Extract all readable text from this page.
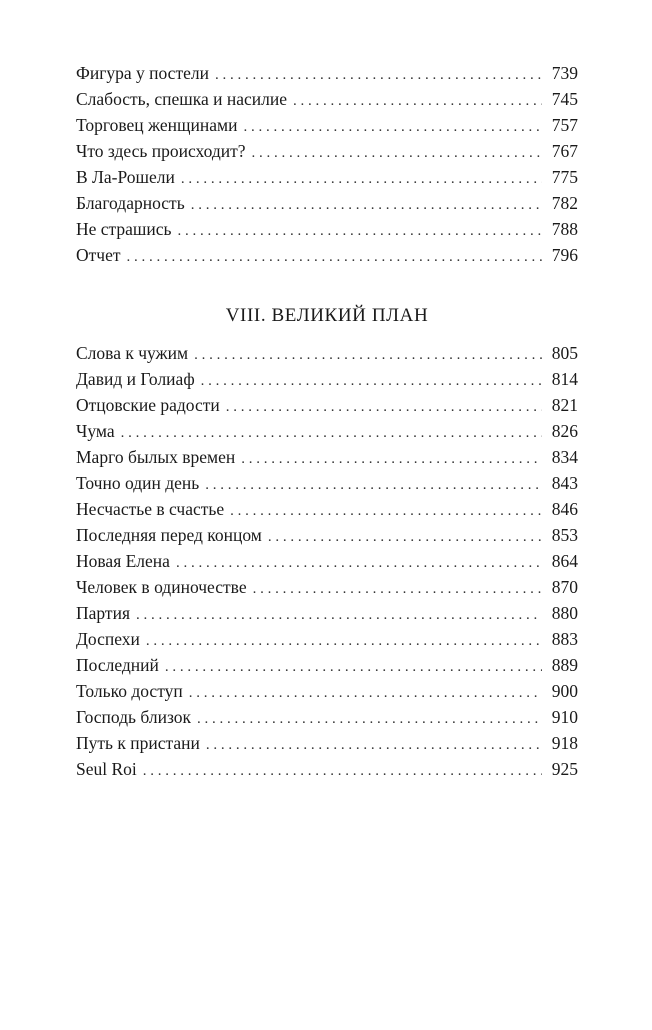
Фигура у постели . . .	739
Слабость, спешка и насилие . . .	745
Торговец женщинами . . .	757
Что здесь происходит? . . .	767
В Ла-Рошели . . .	775
Благодарность . . .	782
Не страшись . . .	788
Отчет . . .	796
VIII. ВЕЛИКИЙ ПЛАН
Слова к чужим . . .	805
Давид и Голиаф . . .	814
Отцовские радости . . .	821
Чума . . .	826
Марго былых времен . . .	834
Точно один день . . .	843
Несчастье в счастье . . .	846
Последняя перед концом . . .	853
Новая Елена . . .	864
Человек в одиночестве . . .	870
Партия . . .	880
Доспехи . . .	883
Последний . . .	889
Только доступ . . .	900
Господь близок . . .	910
Путь к пристани . . .	918
Seul Roi . . .	925
